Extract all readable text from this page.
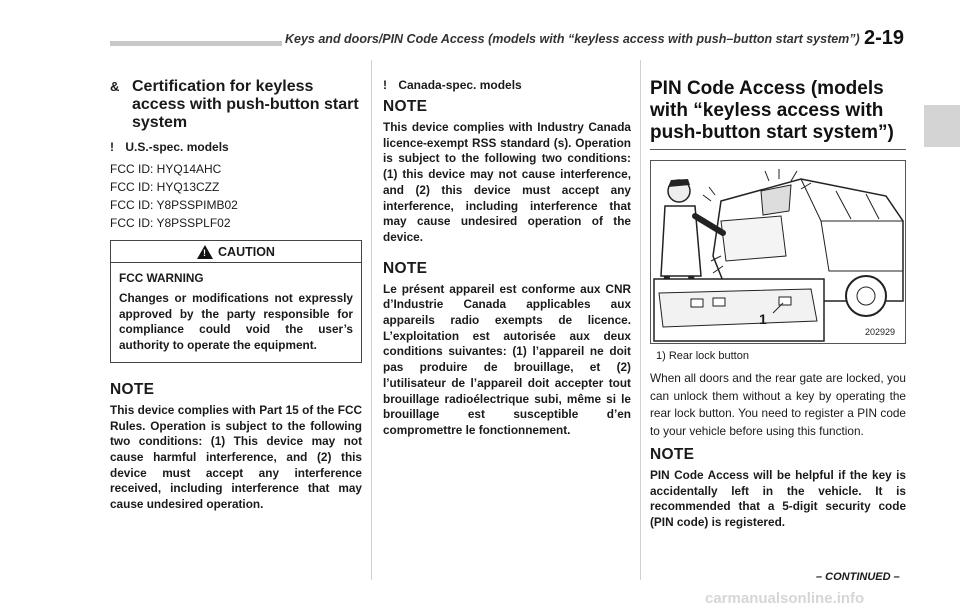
Keys and doors/PIN Code Access (models with “keyless access with push–button start system”) 2-19
& Certification for keyless access with push-button start system
! U.S.-spec. models
FCC ID: HYQ14AHC
FCC ID: HYQ13CZZ
FCC ID: Y8PSSPIMB02
FCC ID: Y8PSSPLF02
! CAUTION
FCC WARNING
Changes or modifications not expressly approved by the party responsible for compliance could void the user’s authority to operate the equipment.
NOTE
This device complies with Part 15 of the FCC Rules. Operation is subject to the following two conditions: (1) This device may not cause harmful interference, and (2) this device must accept any interference received, including interference that may cause undesired operation.
! Canada-spec. models
NOTE
This device complies with Industry Canada licence-exempt RSS standard (s). Operation is subject to the following two conditions: (1) this device may not cause interference, and (2) this device must accept any interference, including interference that may cause undesired operation of the device.
NOTE
Le présent appareil est conforme aux CNR d’Industrie Canada applicables aux appareils radio exempts de licence. L’exploitation est autorisée aux deux conditions suivantes: (1) l’appareil ne doit pas produire de brouillage, et (2) l’utilisateur de l’appareil doit accepter tout brouillage radioélectrique subi, même si le brouillage est susceptible d’en compromettre le fonctionnement.
PIN Code Access (models with “keyless access with push-button start system”)
1
202929
1) Rear lock button
When all doors and the rear gate are locked, you can unlock them without a key by operating the rear lock button. You need to register a PIN code to your vehicle before using this function.
NOTE
PIN Code Access will be helpful if the key is accidentally left in the vehicle. It is recommended that a 5-digit security code (PIN code) is registered.
– CONTINUED –
carmanualsonline.info
